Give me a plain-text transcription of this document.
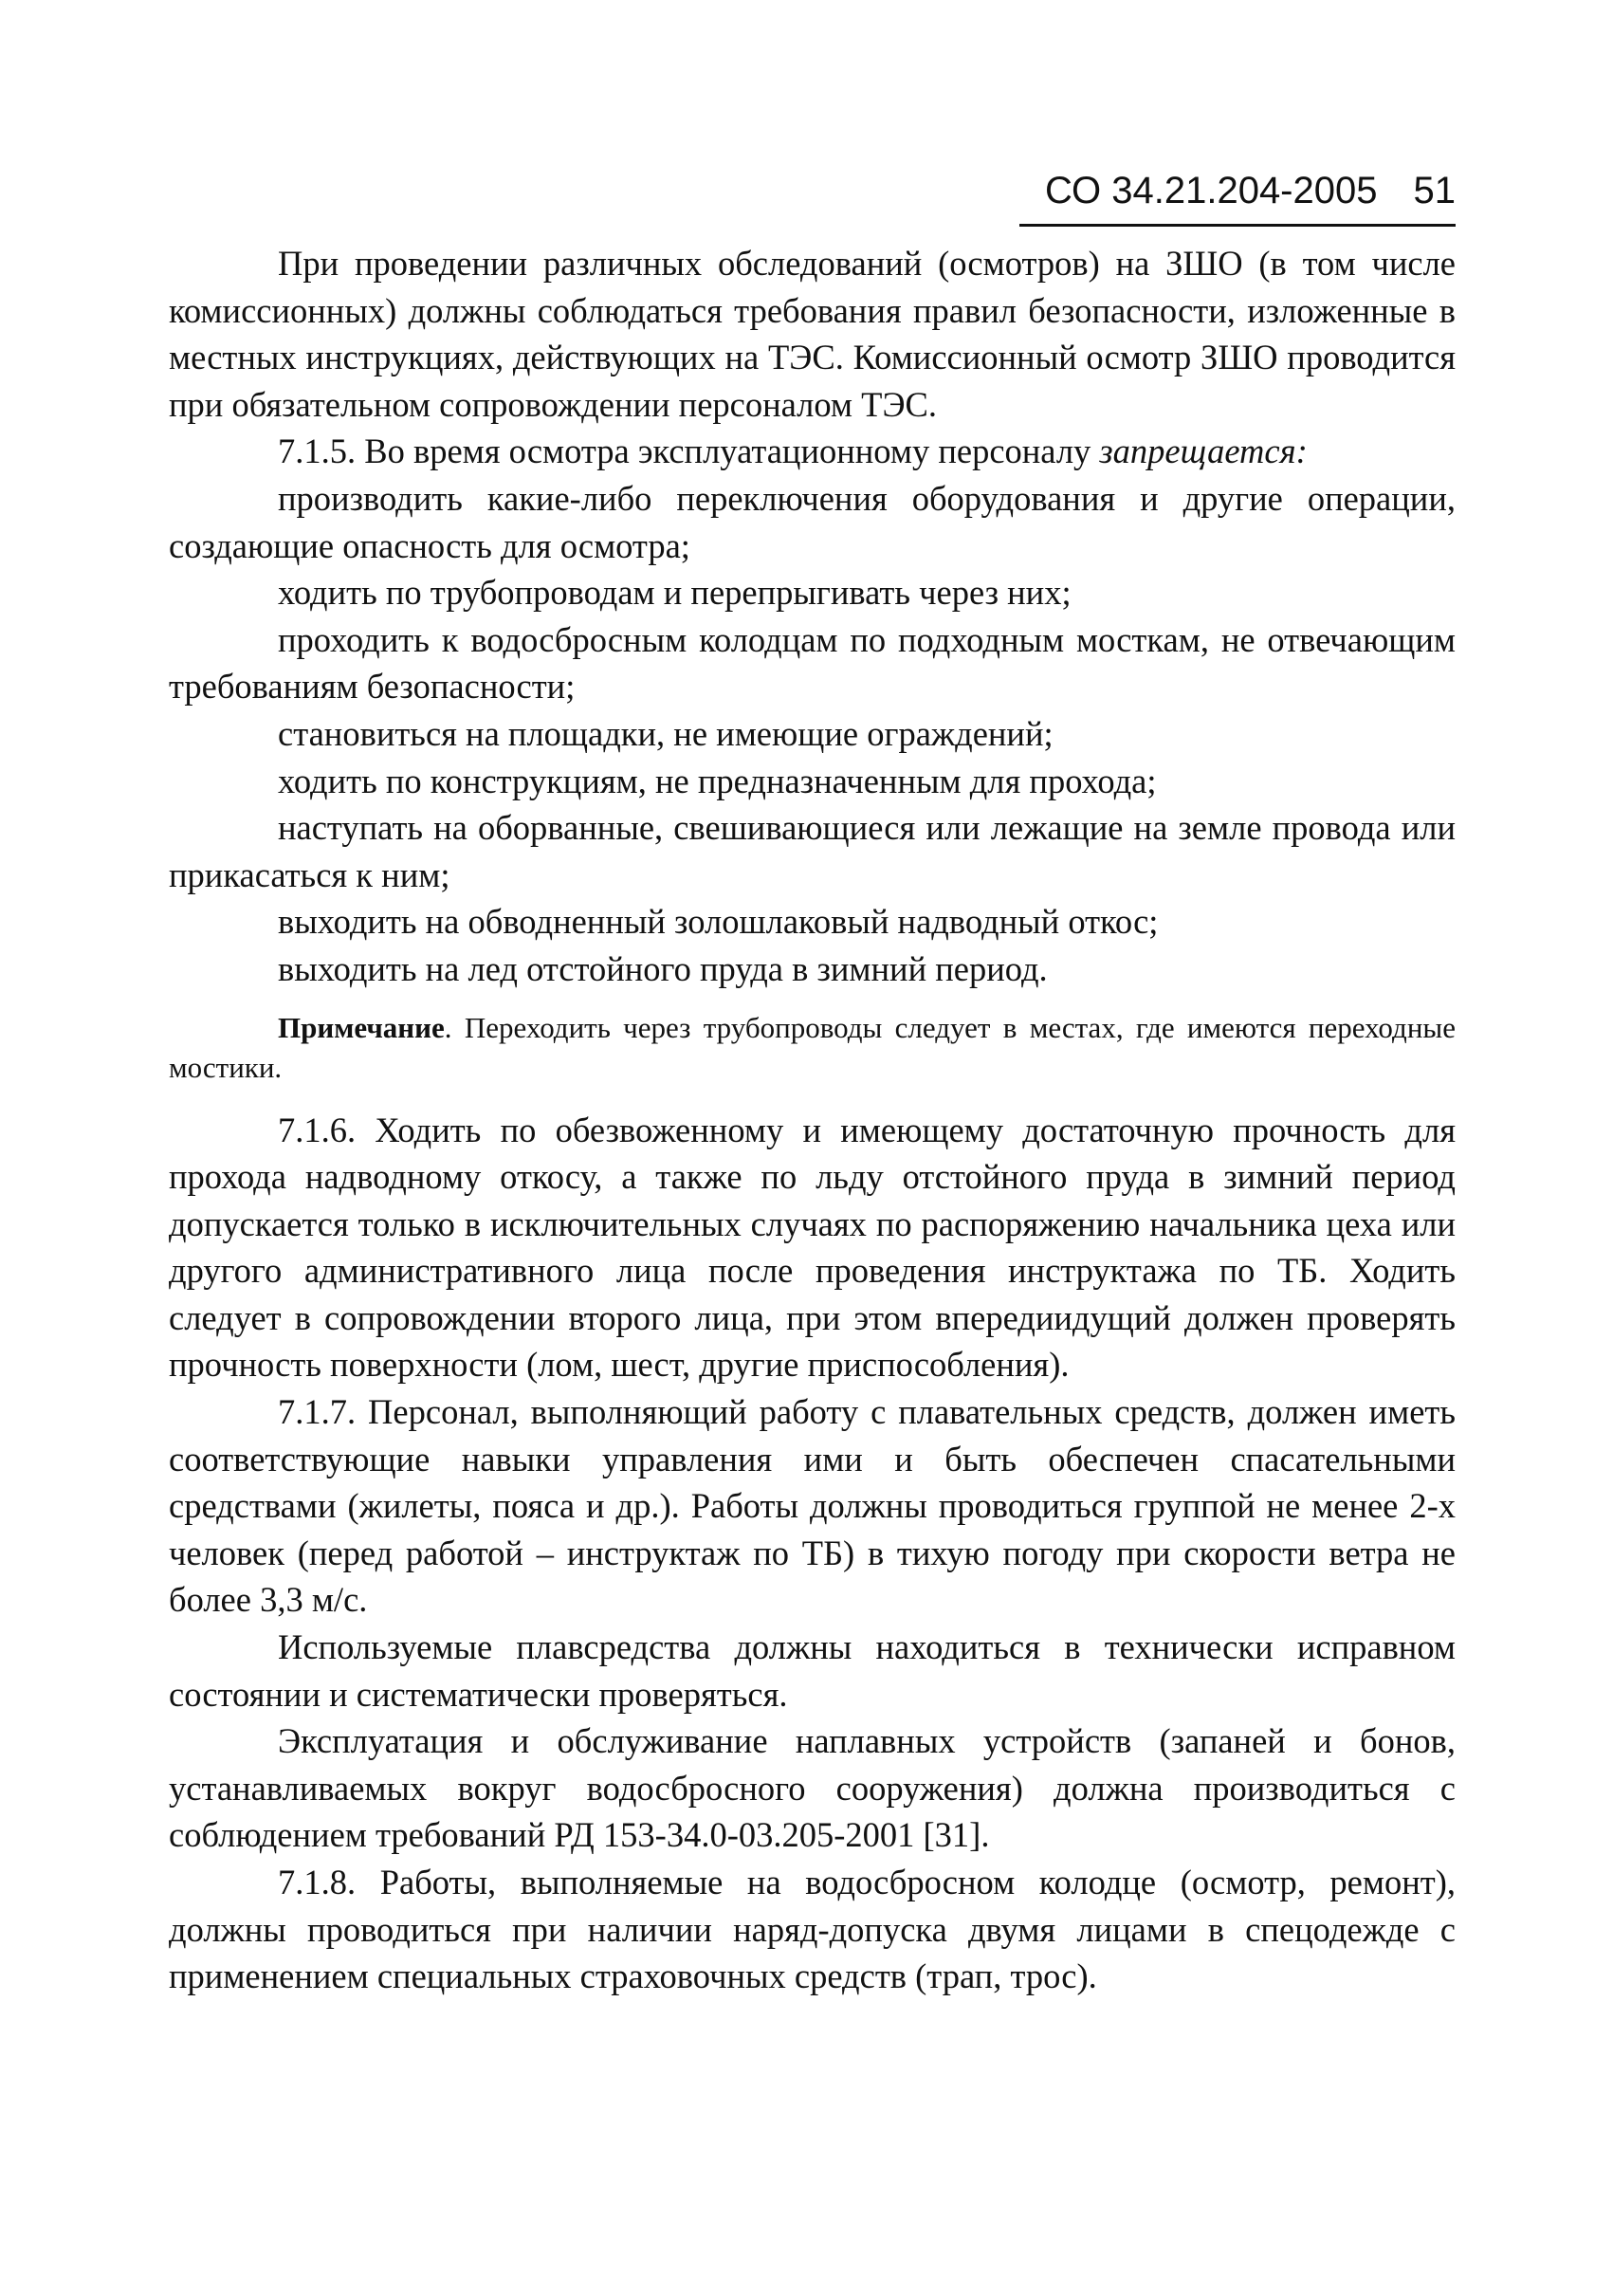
СО 34.21.204-2005 51

При проведении различных обследований (осмотров) на ЗШО (в том числе комиссионных) должны соблюдаться требования правил безопасности, изложенные в местных инструкциях, действующих на ТЭС. Комиссионный осмотр ЗШО проводится при обязательном сопровождении персоналом ТЭС.

7.1.5. Во время осмотра эксплуатационному персоналу запрещается:

производить какие-либо переключения оборудования и другие операции, создающие опасность для осмотра;

ходить по трубопроводам и перепрыгивать через них;

проходить к водосбросным колодцам по подходным мосткам, не отвечающим требованиям безопасности;

становиться на площадки, не имеющие ограждений;

ходить по конструкциям, не предназначенным для прохода;

наступать на оборванные, свешивающиеся или лежащие на земле провода или прикасаться к ним;

выходить на обводненный золошлаковый надводный откос;

выходить на лед отстойного пруда в зимний период.

Примечание. Переходить через трубопроводы следует в местах, где имеются переходные мостики.

7.1.6. Ходить по обезвоженному и имеющему достаточную прочность для прохода надводному откосу, а также по льду отстойного пруда в зимний период допускается только в исключительных случаях по распоряжению начальника цеха или другого административного лица после проведения инструктажа по ТБ. Ходить следует в сопровождении второго лица, при этом впередиидущий должен проверять прочность поверхности (лом, шест, другие приспособления).

7.1.7. Персонал, выполняющий работу с плавательных средств, должен иметь соответствующие навыки управления ими и быть обеспечен спасательными средствами (жилеты, пояса и др.). Работы должны проводиться группой не менее 2-х человек (перед работой – инструктаж по ТБ) в тихую погоду при скорости ветра не более 3,3 м/с.

Используемые плавсредства должны находиться в технически исправном состоянии и систематически проверяться.

Эксплуатация и обслуживание наплавных устройств (запаней и бонов, устанавливаемых вокруг водосбросного сооружения) должна производиться с соблюдением требований РД 153-34.0-03.205-2001 [31].

7.1.8. Работы, выполняемые на водосбросном колодце (осмотр, ремонт), должны проводиться при наличии наряд-допуска двумя лицами в спецодежде с применением специальных страховочных средств (трап, трос).
